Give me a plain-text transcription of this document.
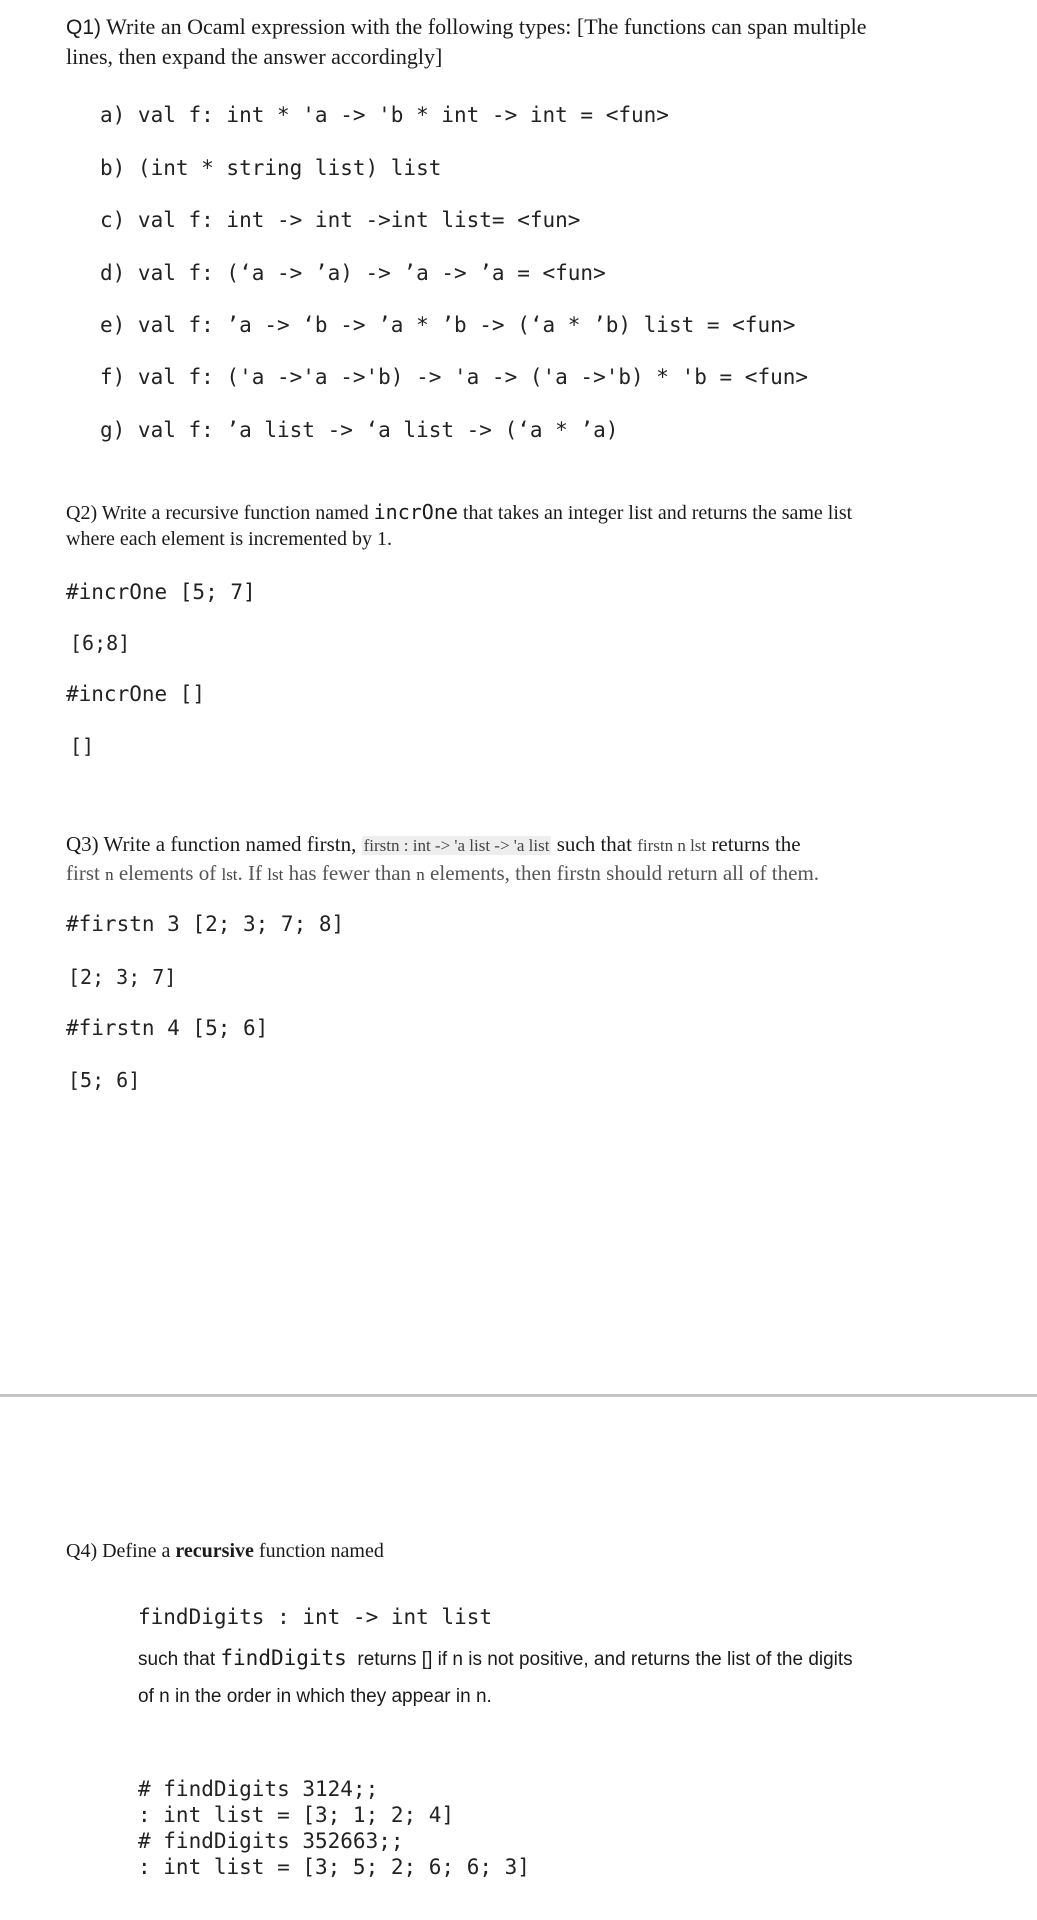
Q1) Write an Ocaml expression with the following types: [The functions can span multiple
lines, then expand the answer accordingly]
a) val f: int * 'a -> 'b * int -> int = <fun>
b) (int * string list) list
c) val f: int -> int ->int list= <fun>
d) val f: (‘a -> ’a) -> ’a -> ’a = <fun>
e) val f: ’a -> ‘b -> ’a * ’b -> (‘a * ’b) list = <fun>
f) val f: ('a ->'a ->'b) -> 'a -> ('a ->'b) * 'b = <fun>
g) val f: ’a list -> ‘a list -> (‘a * ’a)
Q2) Write a recursive function named incrOne that takes an integer list and returns the same list
where each element is incremented by 1.
#incrOne [5; 7]
[6;8]
#incrOne []
[]
Q3) Write a function named firstn, firstn : int -> 'a list -> 'a list such that firstn n lst returns the
first n elements of lst. If lst has fewer than n elements, then firstn should return all of them.
#firstn 3 [2; 3; 7; 8]
[2; 3; 7]
#firstn 4 [5; 6]
[5; 6]
Q4) Define a recursive function named
findDigits : int -> int list
such that findDigits  returns [] if n is not positive, and returns the list of the digits
of n in the order in which they appear in n.
# findDigits 3124;;
: int list = [3; 1; 2; 4]
# findDigits 352663;;
: int list = [3; 5; 2; 6; 6; 3]
